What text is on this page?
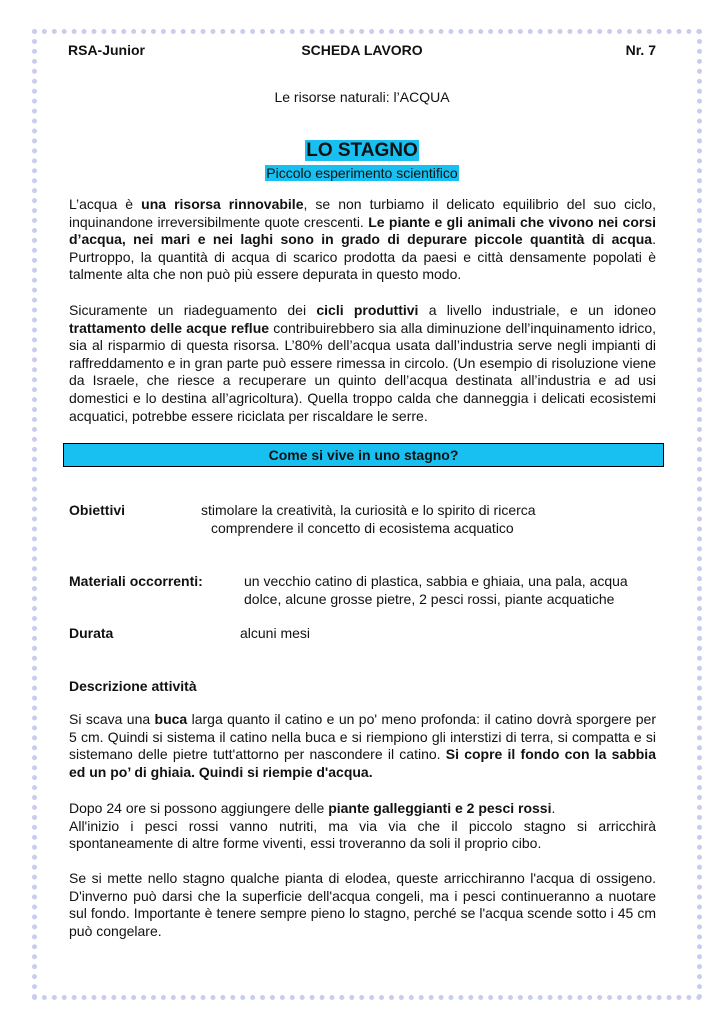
RSA-Junior	SCHEDA LAVORO	Nr. 7
Le risorse naturali: l’ACQUA
LO STAGNO
Piccolo esperimento scientifico
L’acqua è una risorsa rinnovabile, se non turbiamo il delicato equilibrio del suo ciclo, inquinandone irreversibilmente quote crescenti. Le piante e gli animali che vivono nei corsi d’acqua, nei mari e nei laghi sono in grado di depurare piccole quantità di acqua. Purtroppo, la quantità di acqua di scarico prodotta da paesi e città densamente popolati è talmente alta che non può più essere depurata in questo modo.
Sicuramente un riadeguamento dei cicli produttivi a livello industriale, e un idoneo trattamento delle acque reflue contribuirebbero sia alla diminuzione dell’inquinamento idrico, sia al risparmio di questa risorsa. L’80% dell’acqua usata dall’industria serve negli impianti di raffreddamento e in gran parte può essere rimessa in circolo. (Un esempio di risoluzione viene da Israele, che riesce a recuperare un quinto dell’acqua destinata all’industria e ad usi domestici e lo destina all’agricoltura). Quella troppo calda che danneggia i delicati ecosistemi acquatici, potrebbe essere riciclata per riscaldare le serre.
Come si vive in uno stagno?
Obiettivi	stimolare la creatività, la curiosità e lo spirito di ricerca
comprendere il concetto di ecosistema acquatico
Materiali occorrenti:	un vecchio catino di plastica, sabbia e ghiaia, una pala, acqua
dolce, alcune grosse pietre, 2 pesci rossi, piante acquatiche
Durata	alcuni mesi
Descrizione attività
Si scava una buca larga quanto il catino e un po' meno profonda: il catino dovrà sporgere per 5 cm. Quindi si sistema il catino nella buca e si riempiono gli interstizi di terra, si compatta e si sistemano delle pietre tutt'attorno per nascondere il catino. Si copre il fondo con la sabbia ed un po’ di ghiaia. Quindi si riempie d'acqua.
Dopo 24 ore si possono aggiungere delle piante galleggianti e 2 pesci rossi.
All'inizio i pesci rossi vanno nutriti, ma via via che il piccolo stagno si arricchirà spontaneamente di altre forme viventi, essi troveranno da soli il proprio cibo.
Se si mette nello stagno qualche pianta di elodea, queste arricchiranno l'acqua di ossigeno. D'inverno può darsi che la superficie dell'acqua congeli, ma i pesci continueranno a nuotare sul fondo. Importante è tenere sempre pieno lo stagno, perché se l'acqua scende sotto i 45 cm può congelare.
